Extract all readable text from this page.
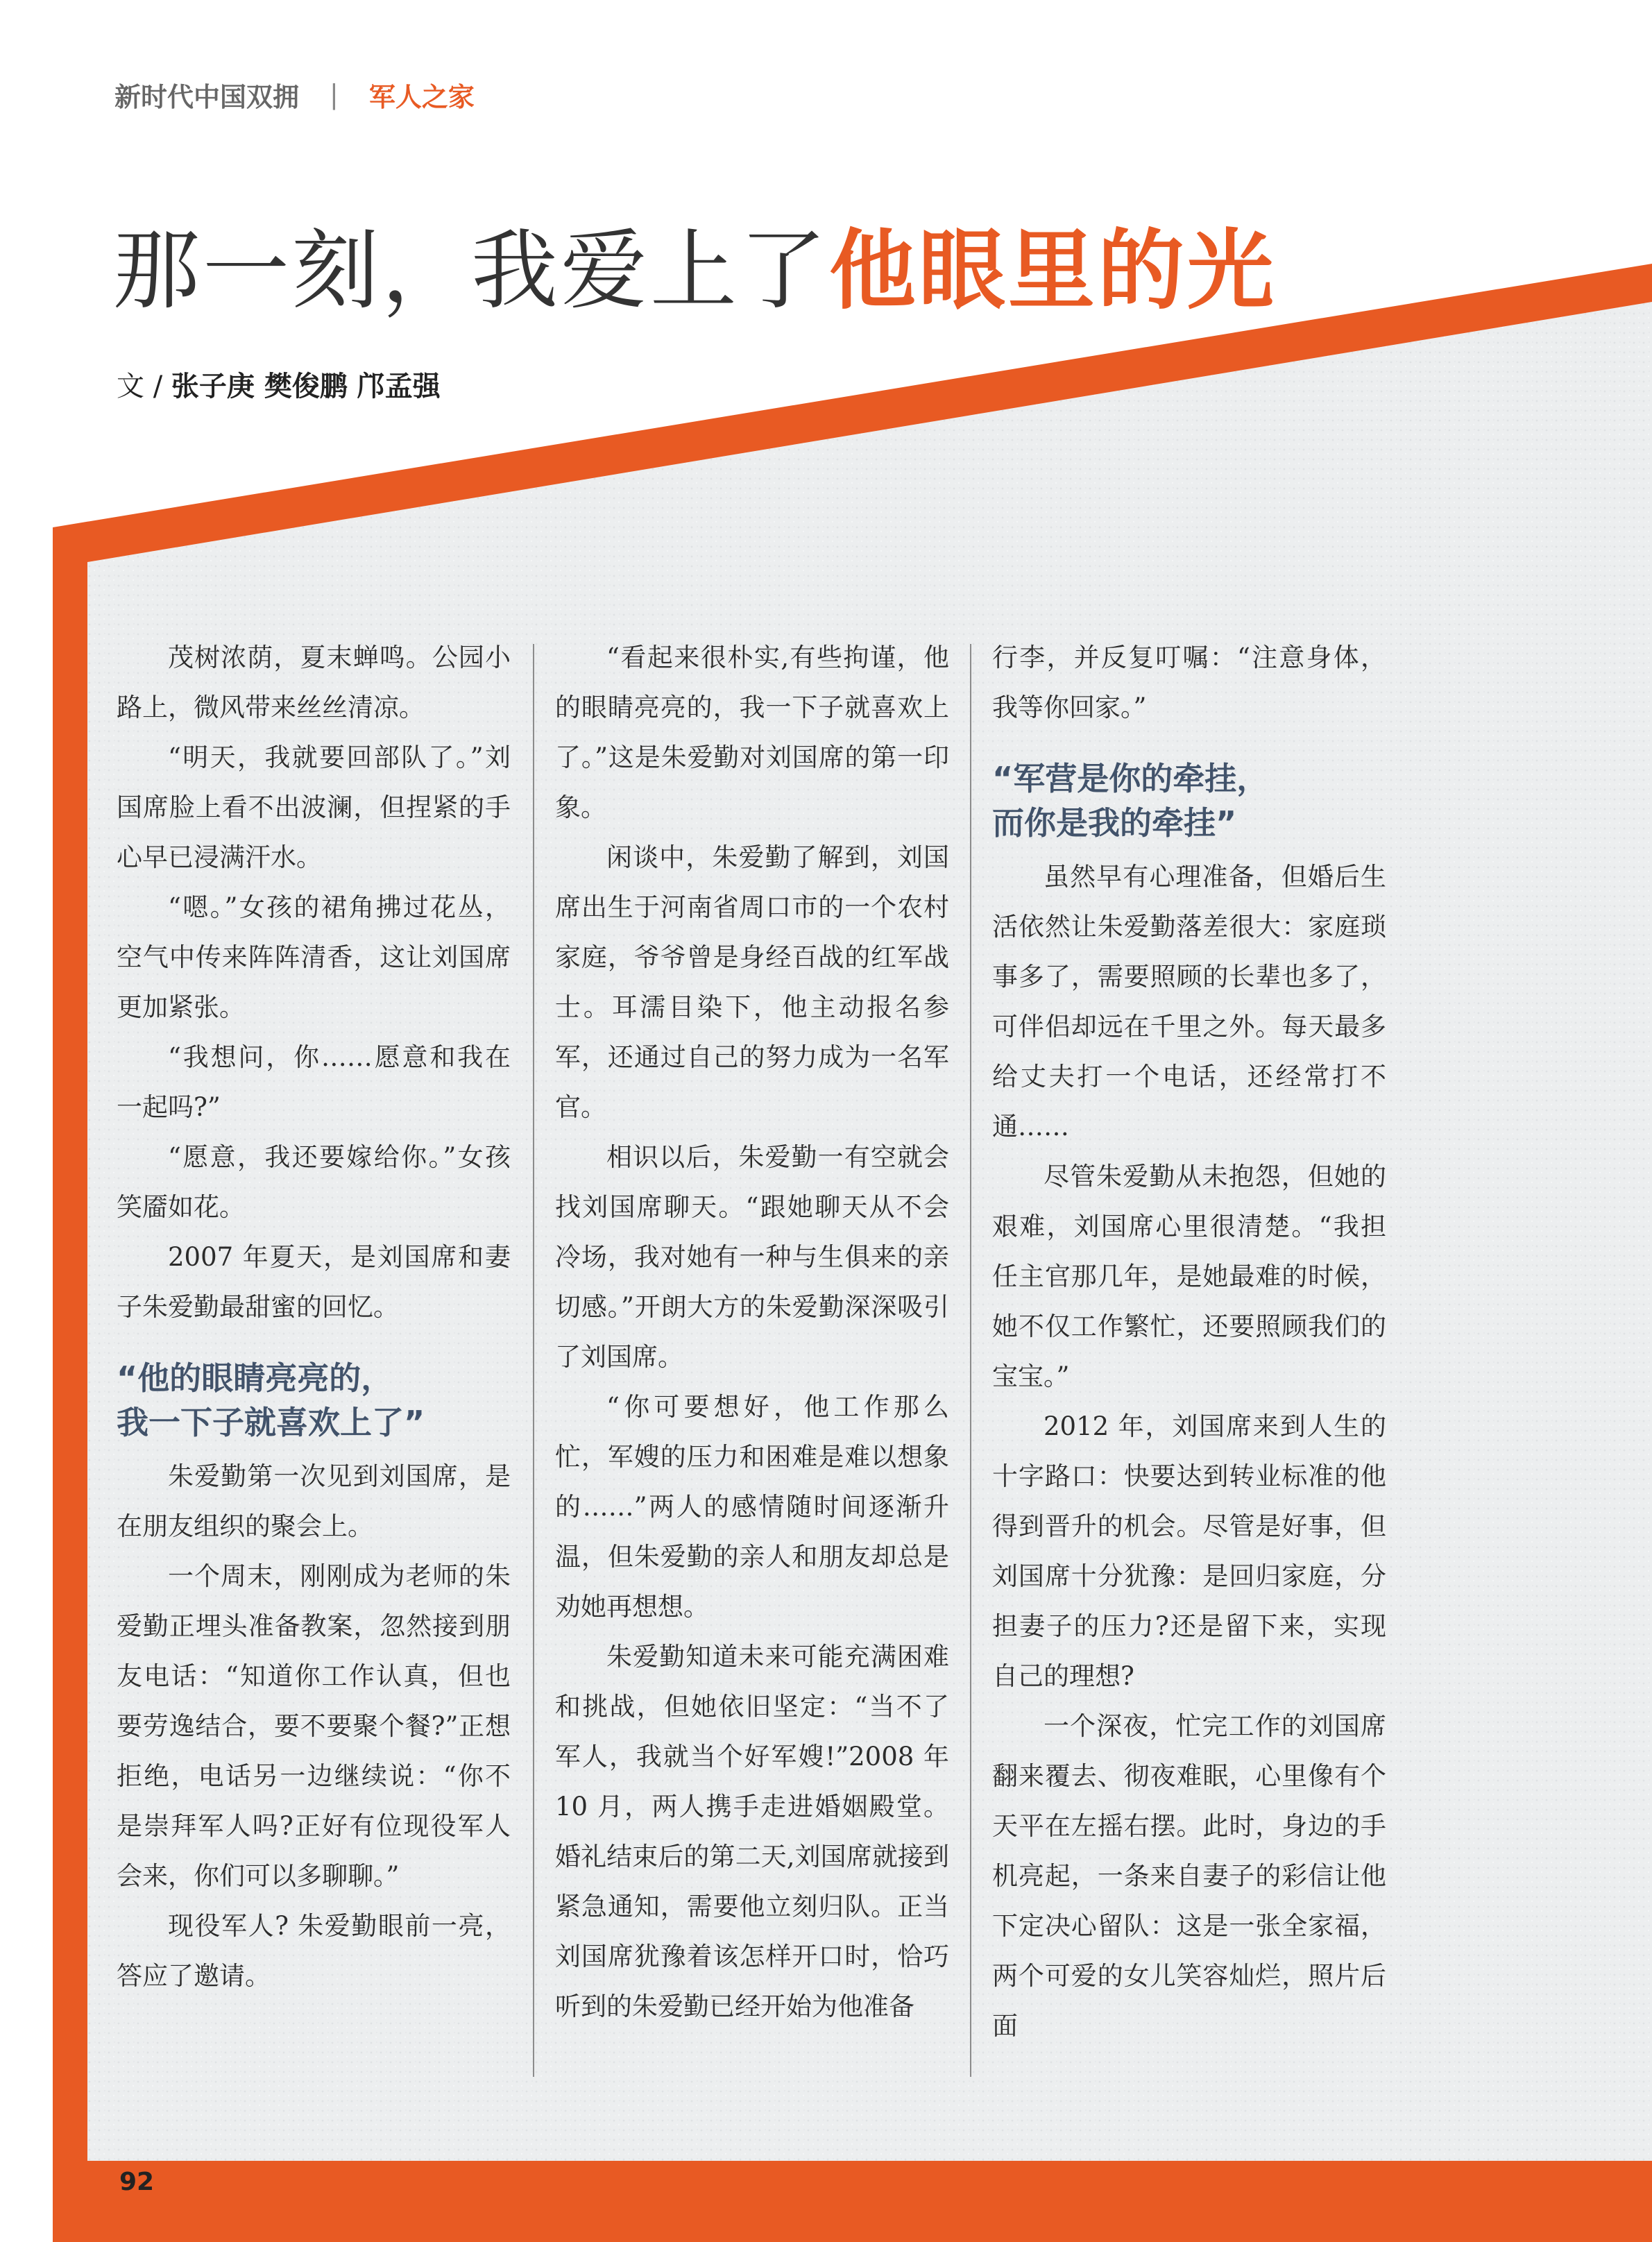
新时代中国双拥 | 军人之家
那一刻，我爱上了他眼里的光
文 / 张子庚 樊俊鹏 邝孟强

茂树浓荫，夏末蝉鸣。公园小路上，微风带来丝丝清凉。

“明天，我就要回部队了。”刘国席脸上看不出波澜，但捏紧的手心早已浸满汗水。

“嗯。”女孩的裙角拂过花丛，空气中传来阵阵清香，这让刘国席更加紧张。

“我想问，你……愿意和我在一起吗?”

“愿意，我还要嫁给你。”女孩笑靥如花。

2007 年夏天，是刘国席和妻子朱爱勤最甜蜜的回忆。

“他的眼睛亮亮的，
我一下子就喜欢上了”

朱爱勤第一次见到刘国席，是在朋友组织的聚会上。

一个周末，刚刚成为老师的朱爱勤正埋头准备教案，忽然接到朋友电话：“知道你工作认真，但也要劳逸结合，要不要聚个餐?”正想拒绝，电话另一边继续说：“你不是崇拜军人吗?正好有位现役军人会来，你们可以多聊聊。”

现役军人? 朱爱勤眼前一亮，答应了邀请。

“看起来很朴实,有些拘谨，他的眼睛亮亮的，我一下子就喜欢上了。”这是朱爱勤对刘国席的第一印象。

闲谈中，朱爱勤了解到，刘国席出生于河南省周口市的一个农村家庭，爷爷曾是身经百战的红军战士。耳濡目染下，他主动报名参军，还通过自己的努力成为一名军官。

相识以后，朱爱勤一有空就会找刘国席聊天。“跟她聊天从不会冷场，我对她有一种与生俱来的亲切感。”开朗大方的朱爱勤深深吸引了刘国席。

“你可要想好，他工作那么忙，军嫂的压力和困难是难以想象的……”两人的感情随时间逐渐升温，但朱爱勤的亲人和朋友却总是劝她再想想。

朱爱勤知道未来可能充满困难和挑战，但她依旧坚定：“当不了军人，我就当个好军嫂!”2008 年 10 月，两人携手走进婚姻殿堂。婚礼结束后的第二天,刘国席就接到紧急通知，需要他立刻归队。正当刘国席犹豫着该怎样开口时，恰巧听到的朱爱勤已经开始为他准备

行李，并反复叮嘱：“注意身体，我等你回家。”

“军营是你的牵挂，
而你是我的牵挂”

虽然早有心理准备，但婚后生活依然让朱爱勤落差很大：家庭琐事多了，需要照顾的长辈也多了，可伴侣却远在千里之外。每天最多给丈夫打一个电话，还经常打不通……

尽管朱爱勤从未抱怨，但她的艰难，刘国席心里很清楚。“我担任主官那几年，是她最难的时候，她不仅工作繁忙，还要照顾我们的宝宝。”

2012 年，刘国席来到人生的十字路口：快要达到转业标准的他得到晋升的机会。尽管是好事，但刘国席十分犹豫：是回归家庭，分担妻子的压力?还是留下来，实现自己的理想?

一个深夜，忙完工作的刘国席翻来覆去、彻夜难眠，心里像有个天平在左摇右摆。此时，身边的手机亮起，一条来自妻子的彩信让他下定决心留队：这是一张全家福，两个可爱的女儿笑容灿烂，照片后面

92
